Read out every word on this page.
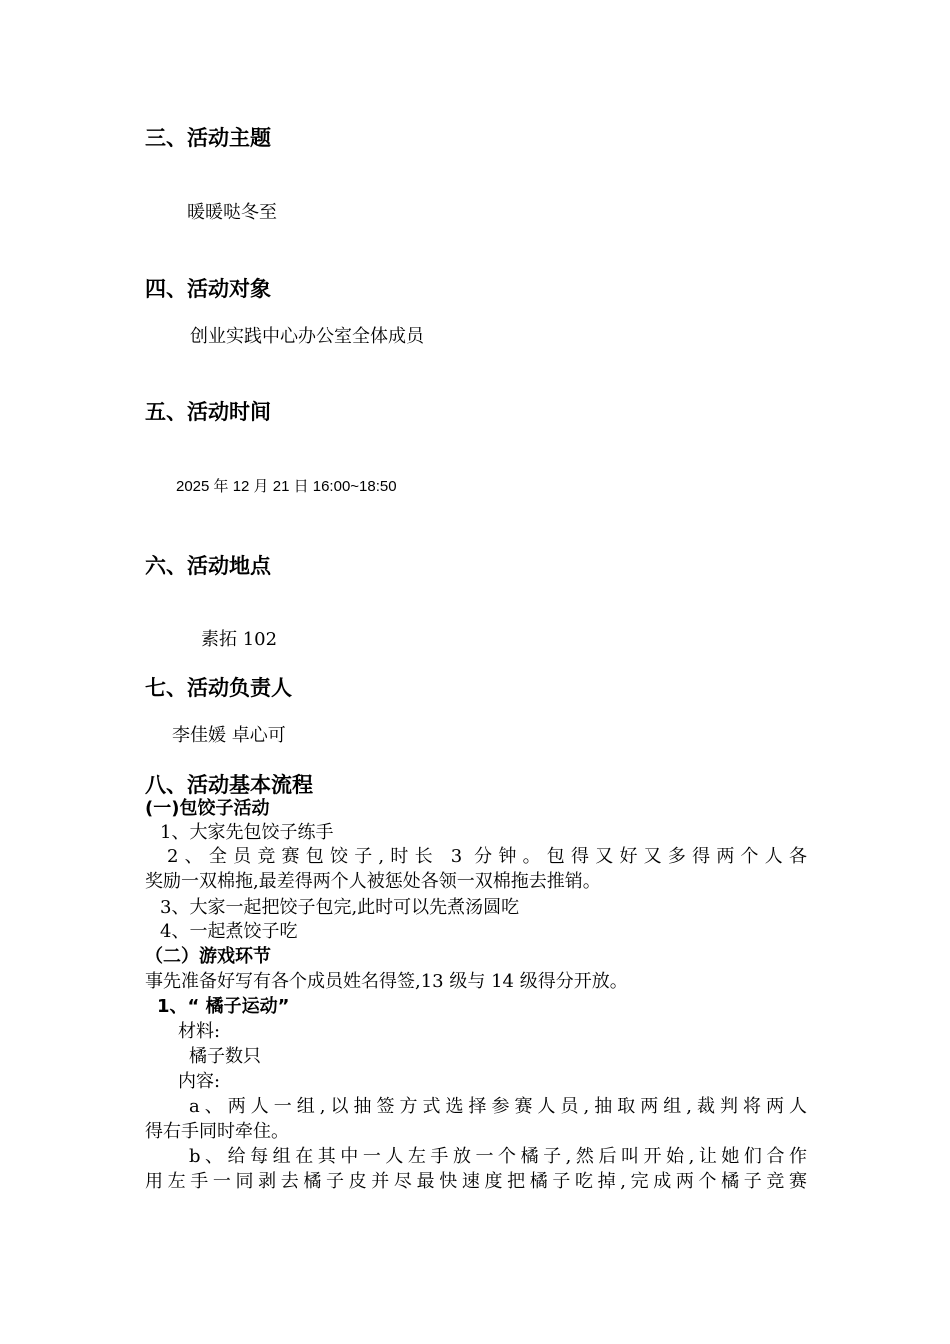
三、活动主题
暖暖哒冬至
四、活动对象
创业实践中心办公室全体成员
五、活动时间
2025 年 12 月 21 日 16:00~18:50
六、活动地点
素拓 102
七、活动负责人
李佳媛 卓心可
八、活动基本流程
(一)包饺子活动
1、大家先包饺子练手
2、全员竞赛包饺子,时长 3 分钟。包得又好又多得两个人各
奖励一双棉拖,最差得两个人被惩处各领一双棉拖去推销。
3、大家一起把饺子包完,此时可以先煮汤圆吃
4、一起煮饺子吃
（二）游戏环节
事先准备好写有各个成员姓名得签,13 级与 14 级得分开放。
1、“ 橘子运动”
材料:
橘子数只
内容:
a、两人一组,以抽签方式选择参赛人员,抽取两组,裁判将两人
得右手同时牵住。
b、给每组在其中一人左手放一个橘子,然后叫开始,让她们合作
用左手一同剥去橘子皮并尽最快速度把橘子吃掉,完成两个橘子竞赛
